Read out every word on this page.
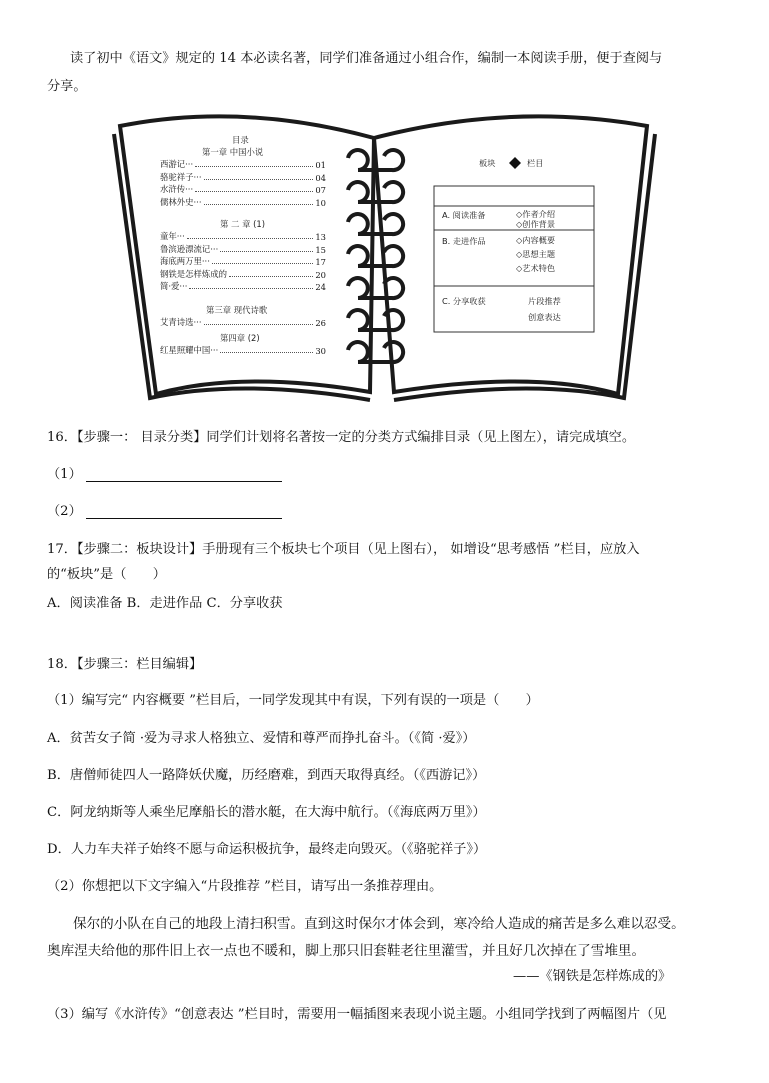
读了初中《语文》规定的 14 本必读名著，同学们准备通过小组合作，编制一本阅读手册，便于查阅与
分享。
目录
第一章 中国小说
西游记···	01
骆驼祥子···	04
水浒传···	07
儒林外史···	10
第 二 章 (1)
童年···	13
鲁滨逊漂流记···	15
海底两万里···	17
钢铁是怎样炼成的	20
简·爱···	24
第三章 现代诗歌
艾青诗选···	26
第四章 (2)
红星照耀中国···	30
板块	栏目
A. 阅读准备	◇作者介绍
◇创作背景
B. 走进作品	◇内容概要
◇思想主题
◇艺术特色
C. 分享收获	片段推荐
创意表达
16．【步骤一： 目录分类】同学们计划将名著按一定的分类方式编排目录（见上图左），请完成填空。
（1）
（2）
17．【步骤二：板块设计】手册现有三个板块七个项目（见上图右）， 如增设“思考感悟 ”栏目，应放入
的“板块”是（　　）
A．阅读准备 B．走进作品 C．分享收获
18．【步骤三：栏目编辑】
（1）编写完“ 内容概要 ”栏目后，一同学发现其中有误，下列有误的一项是（　　）
A．贫苦女子简 ·爱为寻求人格独立、爱情和尊严而挣扎奋斗。（《简 ·爱》）
B．唐僧师徒四人一路降妖伏魔，历经磨难，到西天取得真经。（《西游记》）
C．阿龙纳斯等人乘坐尼摩船长的潜水艇，在大海中航行。（《海底两万里》）
D．人力车夫祥子始终不愿与命运积极抗争，最终走向毁灭。（《骆驼祥子》）
（2）你想把以下文字编入“片段推荐 ”栏目，请写出一条推荐理由。
保尔的小队在自己的地段上清扫积雪。直到这时保尔才体会到，寒冷给人造成的痛苦是多么难以忍受。
奥库涅夫给他的那件旧上衣一点也不暖和，脚上那只旧套鞋老往里灌雪，并且好几次掉在了雪堆里。
——《钢铁是怎样炼成的》
（3）编写《水浒传》“创意表达 ”栏目时，需要用一幅插图来表现小说主题。小组同学找到了两幅图片（见
